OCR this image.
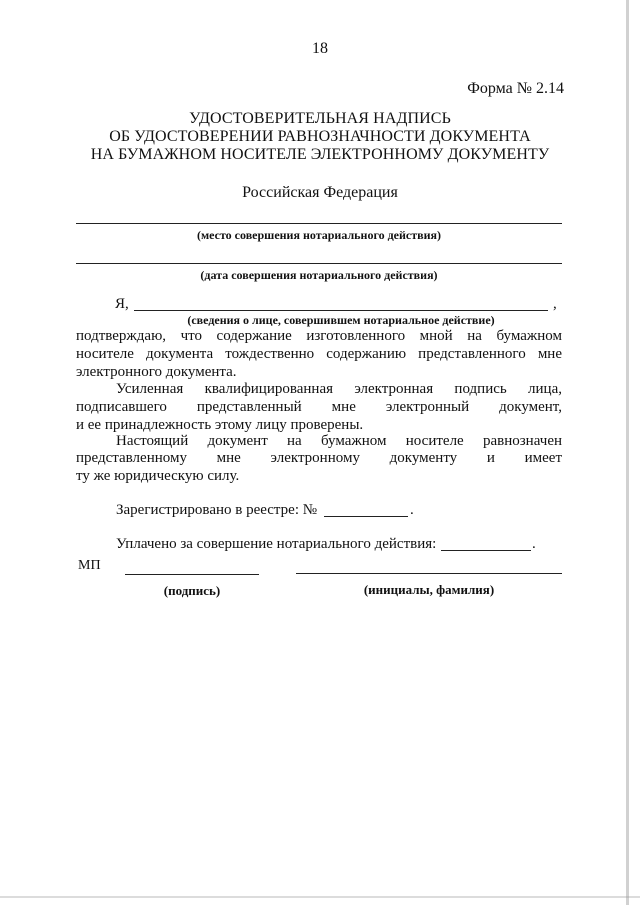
18
Форма № 2.14
УДОСТОВЕРИТЕЛЬНАЯ НАДПИСЬ
ОБ УДОСТОВЕРЕНИИ РАВНОЗНАЧНОСТИ ДОКУМЕНТА
НА БУМАЖНОМ НОСИТЕЛЕ ЭЛЕКТРОННОМУ ДОКУМЕНТУ
Российская Федерация
(место совершения нотариального действия)
(дата совершения нотариального действия)
Я,	,
(сведения о лице, совершившем нотариальное действие)
подтверждаю, что содержание изготовленного мной на бумажном
носителе документа тождественно содержанию представленного мне
электронного документа.
Усиленная квалифицированная электронная подпись лица,
подписавшего представленный мне электронный документ,
и ее принадлежность этому лицу проверены.
Настоящий документ на бумажном носителе равнозначен
представленному мне электронному документу и имеет
ту же юридическую силу.
Зарегистрировано в реестре: №	.
Уплачено за совершение нотариального действия:	.
МП
(подпись)	(инициалы, фамилия)
